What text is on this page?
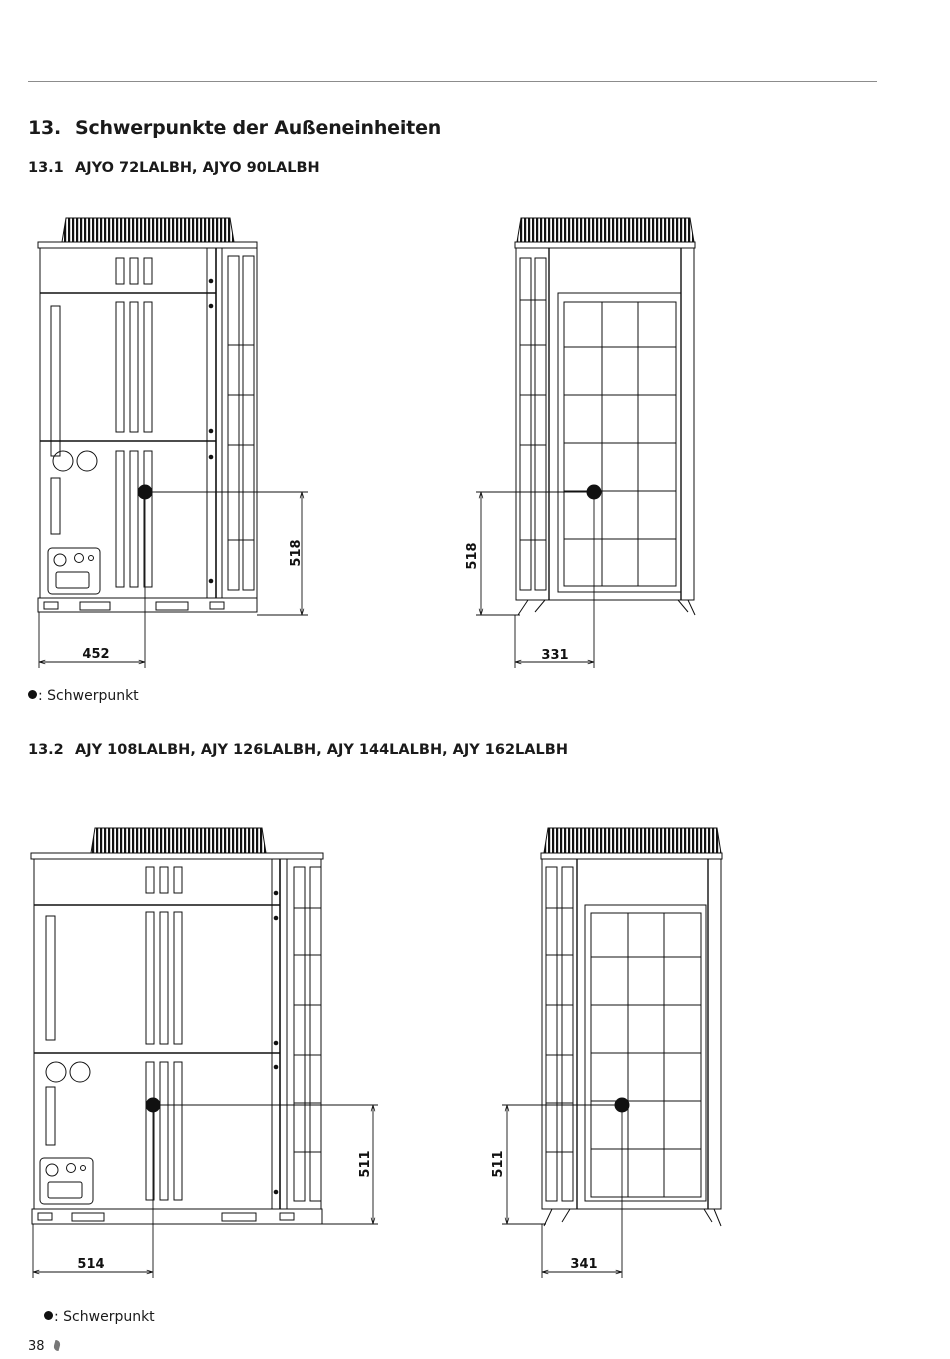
13. Schwerpunkte der Außeneinheiten
13.1 AJYO 72LALBH, AJYO 90LALBH
13.2 AJY 108LALBH, AJY 126LALBH, AJY 144LALBH, AJY 162LALBH
: Schwerpunkt
: Schwerpunkt
38
452
518
331
518
514
511
341
511
